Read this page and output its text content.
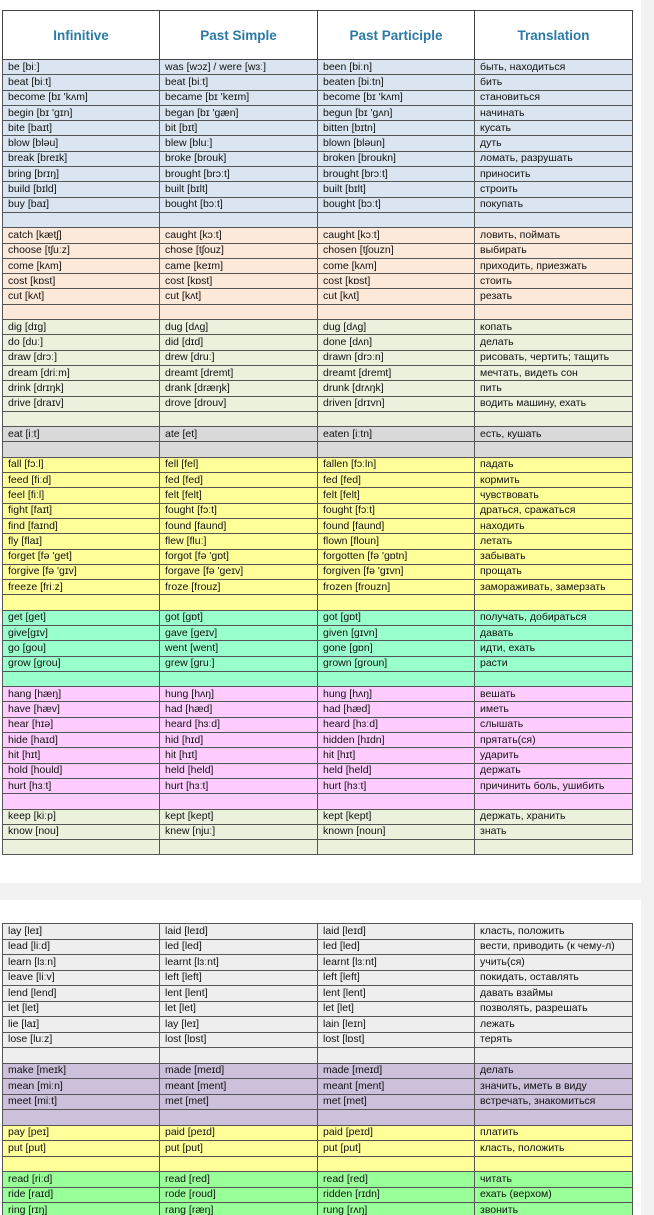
Infinitive	Past Simple	Past Participle	Translation
be [biː]	was [wɔz] / were [wɜː]	been [biːn]	быть, находиться
beat [biːt]	beat [biːt]	beaten [biːtn]	бить
become [bɪ 'kʌm]	became [bɪ 'keɪm]	become [bɪ 'kʌm]	становиться
begin [bɪ 'gɪn]	began [bɪ 'gæn]	begun [bɪ 'gʌn]	начинать
bite [baɪt]	bit [bɪt]	bitten [bɪtn]	кусать
blow [bləu]	blew [bluː]	blown [bləun]	дуть
break [breɪk]	broke [brouk]	broken [broukn]	ломать, разрушать
bring [brɪŋ]	brought [brɔːt]	brought [brɔːt]	приносить
build [bɪld]	built [bɪlt]	built [bɪlt]	строить
buy [baɪ]	bought [bɔːt]	bought [bɔːt]	покупать

catch [kætʃ]	caught [kɔːt]	caught [kɔːt]	ловить, поймать
choose [tʃuːz]	chose [tʃouz]	chosen [tʃouzn]	выбирать
come [kʌm]	came [keɪm]	come [kʌm]	приходить, приезжать
cost [kɒst]	cost [kɒst]	cost [kɒst]	стоить
cut [kʌt]	cut [kʌt]	cut [kʌt]	резать

dig [dɪg]	dug [dʌg]	dug [dʌg]	копать
do [duː]	did [dɪd]	done [dʌn]	делать
draw [drɔː]	drew [druː]	drawn [drɔːn]	рисовать, чертить; тащить
dream [driːm]	dreamt [dremt]	dreamt [dremt]	мечтать, видеть сон
drink [drɪŋk]	drank [dræŋk]	drunk [drʌŋk]	пить
drive [draɪv]	drove [drouv]	driven [drɪvn]	водить машину, ехать

eat [iːt]	ate [et]	eaten [iːtn]	есть, кушать

fall [fɔːl]	fell [fel]	fallen [fɔːln]	падать
feed [fiːd]	fed [fed]	fed [fed]	кормить
feel [fiːl]	felt [felt]	felt [felt]	чувствовать
fight [faɪt]	fought [fɔːt]	fought [fɔːt]	драться, сражаться
find [faɪnd]	found [faund]	found [faund]	находить
fly [flaɪ]	flew [fluː]	flown [floun]	летать
forget [fə 'get]	forgot [fə 'gɒt]	forgotten [fə 'gɒtn]	забывать
forgive [fə 'gɪv]	forgave [fə 'geɪv]	forgiven [fə 'gɪvn]	прощать
freeze [friːz]	froze [frouz]	frozen [frouzn]	замораживать, замерзать

get [get]	got [gɒt]	got [gɒt]	получать, добираться
give[gɪv]	gave [geɪv]	given [gɪvn]	давать
go [gou]	went [went]	gone [gɒn]	идти, ехать
grow [grou]	grew [gruː]	grown [groun]	расти

hang [hæŋ]	hung [hʌŋ]	hung [hʌŋ]	вешать
have [hæv]	had [hæd]	had [hæd]	иметь
hear [hɪə]	heard [hɜːd]	heard [hɜːd]	слышать
hide [haɪd]	hid [hɪd]	hidden [hɪdn]	прятать(ся)
hit [hɪt]	hit [hɪt]	hit [hɪt]	ударить
hold [hould]	held [held]	held [held]	держать
hurt [hɜːt]	hurt [hɜːt]	hurt [hɜːt]	причинить боль, ушибить

keep [kiːp]	kept [kept]	kept [kept]	держать, хранить
know [nou]	knew [njuː]	known [noun]	знать

lay [leɪ]	laid [leɪd]	laid [leɪd]	класть, положить
lead [liːd]	led [led]	led [led]	вести, приводить (к чему-л)
learn [lɜːn]	learnt [lɜːnt]	learnt [lɜːnt]	учить(ся)
leave [liːv]	left [left]	left [left]	покидать, оставлять
lend [lend]	lent [lent]	lent [lent]	давать взаймы
let [let]	let [let]	let [let]	позволять, разрешать
lie [laɪ]	lay [leɪ]	lain [leɪn]	лежать
lose [luːz]	lost [lɒst]	lost [lɒst]	терять

make [meɪk]	made [meɪd]	made [meɪd]	делать
mean [miːn]	meant [ment]	meant [ment]	значить, иметь в виду
meet [miːt]	met [met]	met [met]	встречать, знакомиться

pay [peɪ]	paid [peɪd]	paid [peɪd]	платить
put [put]	put [put]	put [put]	класть, положить

read [riːd]	read [red]	read [red]	читать
ride [raɪd]	rode [roud]	ridden [rɪdn]	ехать (верхом)
ring [rɪŋ]	rang [ræŋ]	rung [rʌŋ]	звонить
